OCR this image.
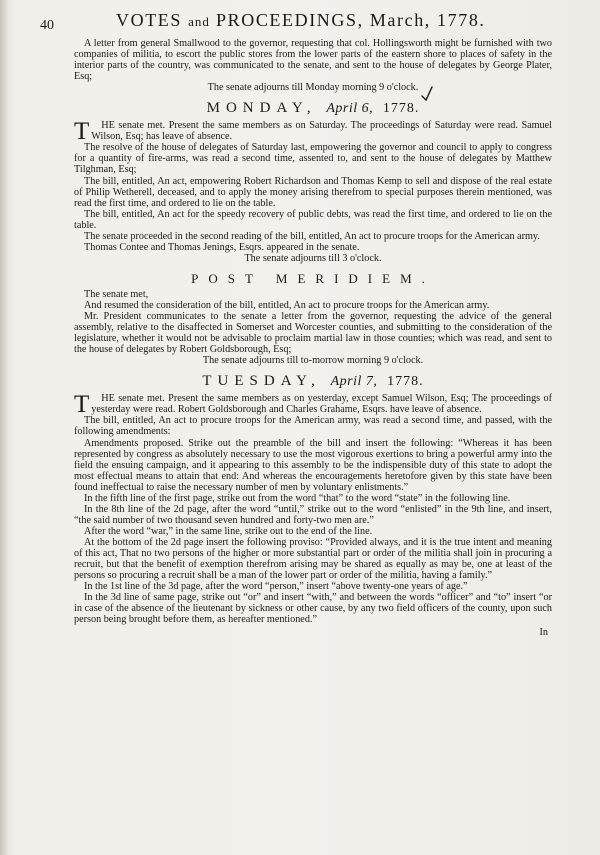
40	VOTES and PROCEEDINGS, March, 1778.

A letter from general Smallwood to the governor, requesting that col. Hollingsworth might be furnished with two companies of militia, to escort the public stores from the lower parts of the eastern shore to places of safety in the interior parts of the country, was communicated to the senate, and sent to the house of delegates by George Plater, Esq;

The senate adjourns till Monday morning 9 o'clock.

MONDAY, April 6, 1778.
T	HE senate met. Present the same members as on Saturday. The proceedings of Saturday were read. Samuel Wilson, Esq; has leave of absence.

The resolve of the house of delegates of Saturday last, empowering the governor and council to apply to congress for a quantity of fire-arms, was read a second time, assented to, and sent to the house of delegates by Matthew Tilghman, Esq;

The bill, entitled, An act, empowering Robert Richardson and Thomas Kemp to sell and dispose of the real estate of Philip Wetherell, deceased, and to apply the money arising therefrom to special purposes therein mentioned, was read the first time, and ordered to lie on the table.

The bill, entitled, An act for the speedy recovery of public debts, was read the first time, and ordered to lie on the table.

The senate proceeded in the second reading of the bill, entitled, An act to procure troops for the American army.

Thomas Contee and Thomas Jenings, Esqrs. appeared in the senate.

The senate adjourns till 3 o'clock.

POST MERIDIEM.

The senate met,

And resumed the consideration of the bill, entitled, An act to procure troops for the American army.

Mr. President communicates to the senate a letter from the governor, requesting the advice of the general assembly, relative to the disaffected in Somerset and Worcester counties, and submitting to the consideration of the legislature, whether it would not be advisable to proclaim martial law in those counties; which was read, and sent to the house of delegates by Robert Goldsborough, Esq;

The senate adjourns till to-morrow morning 9 o'clock.

TUESDAY, April 7, 1778.
T	HE senate met. Present the same members as on yesterday, except Samuel Wilson, Esq; The proceedings of yesterday were read. Robert Goldsborough and Charles Grahame, Esqrs. have leave of absence.

The bill, entitled, An act to procure troops for the American army, was read a second time, and passed, with the following amendments:

Amendments proposed. Strike out the preamble of the bill and insert the following: “Whereas it has been represented by congress as absolutely necessary to use the most vigorous exertions to bring a powerful army into the field the ensuing campaign, and it appearing to this assembly to be the indispensible duty of this state to adopt the most effectual means to attain that end: And whereas the encouragements heretofore given by this state have been found ineffectual to raise the necessary number of men by voluntary enlistments.”

In the fifth line of the first page, strike out from the word “that” to the word “state” in the following line.

In the 8th line of the 2d page, after the word “until,” strike out to the word “enlisted” in the 9th line, and insert, “the said number of two thousand seven hundred and forty-two men are.”

After the word “war,” in the same line, strike out to the end of the line.

At the bottom of the 2d page insert the following proviso: “Provided always, and it is the true intent and meaning of this act, That no two persons of the higher or more substantial part or order of the militia shall join in procuring a recruit, but that the benefit of exemption therefrom arising may be shared as equally as may be, one at least of the persons so procuring a recruit shall be a man of the lower part or order of the militia, having a family.”

In the 1st line of the 3d page, after the word “person,” insert “above twenty-one years of age.”

In the 3d line of same page, strike out “or” and insert “with,” and between the words “officer” and “to” insert “or in case of the absence of the lieutenant by sickness or other cause, by any two field officers of the county, upon such person being brought before them, as hereafter mentioned.”

In
